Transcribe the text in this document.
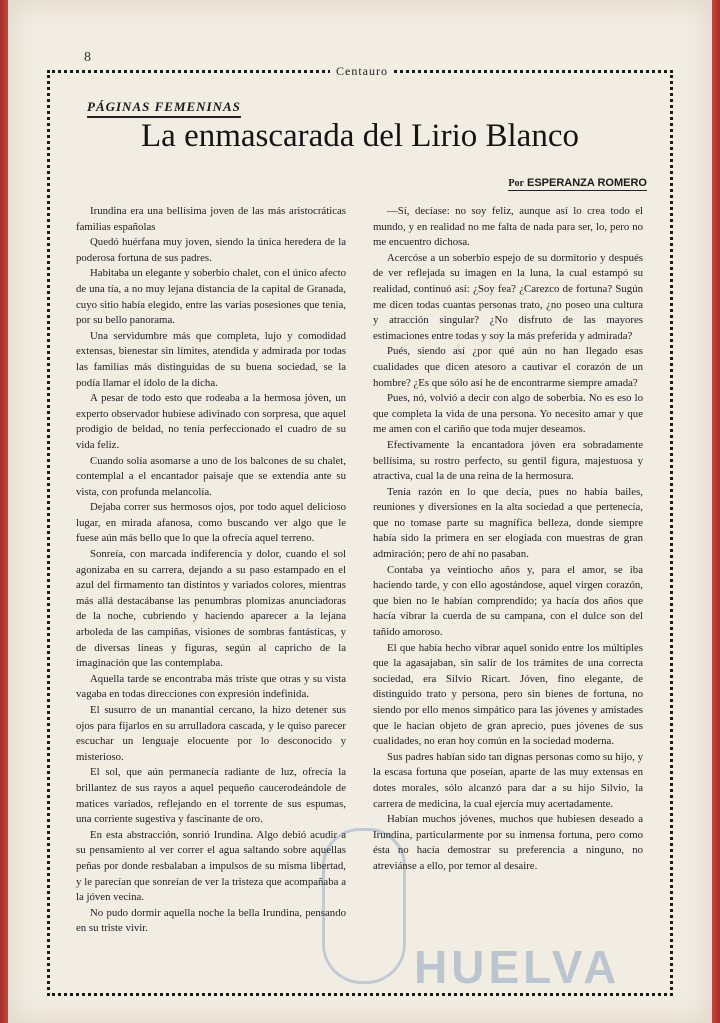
8
Centauro
PÁGINAS FEMENINAS
La enmascarada del Lirio Blanco
Por ESPERANZA ROMERO

Irundina era una bellísima joven de las más aristocráticas familias españolas

Quedó huérfana muy joven, siendo la única heredera de la poderosa fortuna de sus padres.

Habitaba un elegante y soberbio chalet, con el único afecto de una tía, a no muy lejana distancia de la capital de Granada, cuyo sitio había elegido, entre las varias posesiones que tenía, por su bello panorama.

Una servidumbre más que completa, lujo y comodidad extensas, bienestar sin límites, atendida y admirada por todas las familias más distinguidas de su buena sociedad, se la podía llamar el ídolo de la dicha.

A pesar de todo esto que rodeaba a la hermosa jóven, un experto observador hubiese adivinado con sorpresa, que aquel prodigio de beldad, no tenía perfeccionado el cuadro de su vida feliz.

Cuando solía asomarse a uno de los balcones de su chalet, contemplal a el encantador paisaje que se extendía ante su vista, con profunda melancolía.

Dejaba correr sus hermosos ojos, por todo aquel delicioso lugar, en mirada afanosa, como buscando ver algo que le fuese aún más bello que lo que la ofrecía aquel terreno.

Sonreía, con marcada indiferencia y dolor, cuando el sol agonizaba en su carrera, dejando a su paso estampado en el azul del firmamento tan distintos y variados colores, mientras más allá destacábanse las penumbras plomizas anunciadoras de la noche, cubriendo y haciendo aparecer a la lejana arboleda de las campiñas, visiones de sombras fantásticas, y de diversas líneas y figuras, según al capricho de la imaginación que las contemplaba.

Aquella tarde se encontraba más triste que otras y su vista vagaba en todas direcciones con expresión indefinida.

El susurro de un manantial cercano, la hizo detener sus ojos para fijarlos en su arrulladora cascada, y le quiso parecer escuchar un lenguaje elocuente por lo desconocido y misterioso.

El sol, que aún permanecía radiante de luz, ofrecía la brillantez de sus rayos a aquel pequeño caucerodeándole de matices variados, reflejando en el torrente de sus espumas, una corriente sugestiva y fascinante de oro.

En esta abstracción, sonrió Irundina. Algo debió acudir a su pensamiento al ver correr el agua saltando sobre aquellas peñas por donde resbalaban a impulsos de su misma libertad, y le parecían que sonreían de ver la tristeza que acompañaba a la jóven vecina.

No pudo dormir aquella noche la bella Irundina, pensando en su triste vivir.

—Sí, decíase: no soy feliz, aunque así lo crea todo el mundo, y en realidad no me falta de nada para ser, lo, pero no me encuentro dichosa.

Acercóse a un soberbio espejo de su dormitorio y después de ver reflejada su imagen en la luna, la cual estampó su realidad, continuó así: ¿Soy fea? ¿Carezco de fortuna? Sugún me dicen todas cuantas personas trato, ¿no poseo una cultura y atracción singular? ¿No disfruto de las mayores estimaciones entre todas y soy la más preferida y admirada?

Pués, siendo así ¿por qué aún no han llegado esas cualidades que dicen atesoro a cautivar el corazón de un hombre? ¿Es que sólo así he de encontrarme siempre amada?

Pues, nó, volvió a decir con algo de soberbia. No es eso lo que completa la vida de una persona. Yo necesito amar y que me amen con el cariño que toda mujer deseamos.

Efectivamente la encantadora jóven era sobradamente bellísima, su rostro perfecto, su gentil figura, majestuosa y atractiva, cual la de una reina de la hermosura.

Tenía razón en lo que decía, pues no había bailes, reuniones y diversiones en la alta sociedad a que pertenecía, que no tomase parte su magnífica belleza, donde siempre había sido la primera en ser elogiada con muestras de gran admiración; pero de ahí no pasaban.

Contaba ya veintiocho años y, para el amor, se iba haciendo tarde, y con ello agostándose, aquel virgen corazón, que bien no le habían comprendido; ya hacía dos años que hacía vibrar la cuerda de su campana, con el dulce son del tañido amoroso.

El que había hecho vibrar aquel sonido entre los múltiples que la agasajaban, sin salir de los trámites de una correcta sociedad, era Silvio Ricart. Jóven, fino elegante, de distinguido trato y persona, pero sin bienes de fortuna, no siendo por ello menos simpático para las jóvenes y amistades que le hacían objeto de gran aprecio, pues jóvenes de sus cualidades, no eran hoy común en la sociedad moderna.

Sus padres habían sido tan dignas personas como su hijo, y la escasa fortuna que poseían, aparte de las muy extensas en dotes morales, sólo alcanzó para dar a su hijo Silvio, la carrera de medicina, la cual ejercía muy acertadamente.

Habían muchos jóvenes, muchos que hubiesen deseado a Irundina, particularmente por su inmensa fortuna, pero como ésta no hacía demostrar su preferencia a ninguno, no atreviánse a ello, por temor al desaire.

HUELVA
